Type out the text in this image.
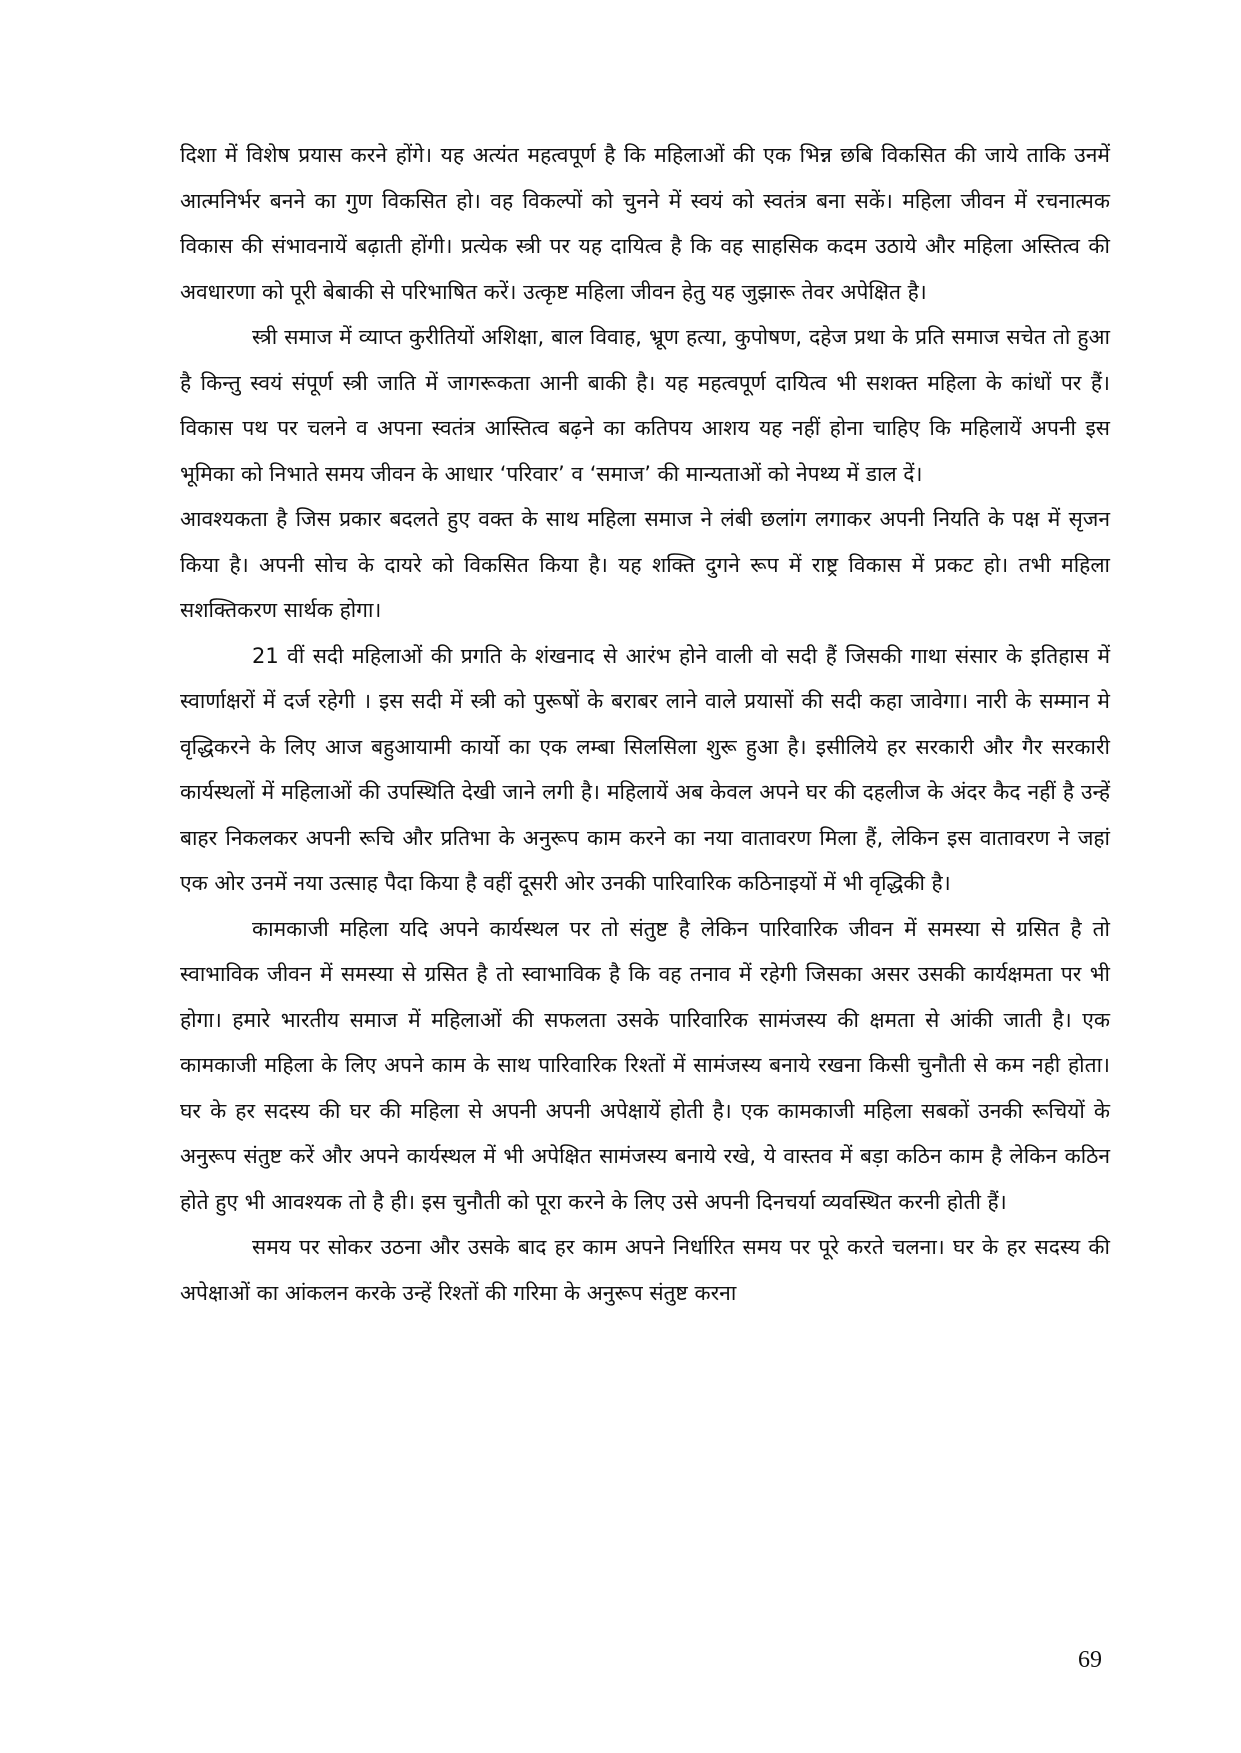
दिशा में विशेष प्रयास करने होंगे। यह अत्यंत महत्वपूर्ण है कि महिलाओं की एक भिन्न छबि विकसित की जाये ताकि उनमें आत्मनिर्भर बनने का गुण विकसित हो। वह विकल्पों को चुनने में स्वयं को स्वतंत्र बना सकें। महिला जीवन में रचनात्मक विकास की संभावनायें बढ़ाती होंगी। प्रत्येक स्त्री पर यह दायित्व है कि वह साहसिक कदम उठाये और महिला अस्तित्व की अवधारणा को पूरी बेबाकी से परिभाषित करें। उत्कृष्ट महिला जीवन हेतु यह जुझारू तेवर अपेक्षित है।

स्त्री समाज में व्याप्त कुरीतियों अशिक्षा, बाल विवाह, भ्रूण हत्या, कुपोषण, दहेज प्रथा के प्रति समाज सचेत तो हुआ है किन्तु स्वयं संपूर्ण स्त्री जाति में जागरूकता आनी बाकी है। यह महत्वपूर्ण दायित्व भी सशक्त महिला के कांधों पर हैं। विकास पथ पर चलने व अपना स्वतंत्र आस्तित्व बढ़ने का कतिपय आशय यह नहीं होना चाहिए कि महिलायें अपनी इस भूमिका को निभाते समय जीवन के आधार ‘परिवार’ व ‘समाज’ की मान्यताओं को नेपथ्य में डाल दें।

आवश्यकता है जिस प्रकार बदलते हुए वक्त के साथ महिला समाज ने लंबी छलांग लगाकर अपनी नियति के पक्ष में सृजन किया है। अपनी सोच के दायरे को विकसित किया है। यह शक्ति दुगने रूप में राष्ट्र विकास में प्रकट हो। तभी महिला सशक्तिकरण सार्थक होगा।

21 वीं सदी महिलाओं की प्रगति के शंखनाद से आरंभ होने वाली वो सदी हैं जिसकी गाथा संसार के इतिहास में स्वार्णाक्षरों में दर्ज रहेगी । इस सदी में स्त्री को पुरूषों के बराबर लाने वाले प्रयासों की सदी कहा जावेगा। नारी के सम्मान मे वृद्धिकरने के लिए आज बहुआयामी कार्यो का एक लम्बा सिलसिला शुरू हुआ है। इसीलिये हर सरकारी और गैर सरकारी कार्यस्थलों में महिलाओं की उपस्थिति देखी जाने लगी है। महिलायें अब केवल अपने घर की दहलीज के अंदर कैद नहीं है उन्हें बाहर निकलकर अपनी रूचि और प्रतिभा के अनुरूप काम करने का नया वातावरण मिला हैं, लेकिन इस वातावरण ने जहां एक ओर उनमें नया उत्साह पैदा किया है वहीं दूसरी ओर उनकी पारिवारिक कठिनाइयों में भी वृद्धिकी है।

कामकाजी महिला यदि अपने कार्यस्थल पर तो संतुष्ट है लेकिन पारिवारिक जीवन में समस्या से ग्रसित है तो स्वाभाविक जीवन में समस्या से ग्रसित है तो स्वाभाविक है कि वह तनाव में रहेगी जिसका असर उसकी कार्यक्षमता पर भी होगा। हमारे भारतीय समाज में महिलाओं की सफलता उसके पारिवारिक सामंजस्य की क्षमता से आंकी जाती है। एक कामकाजी महिला के लिए अपने काम के साथ पारिवारिक रिश्तों में सामंजस्य बनाये रखना किसी चुनौती से कम नही होता। घर के हर सदस्य की घर की महिला से अपनी अपनी अपेक्षायें होती है। एक कामकाजी महिला सबकों उनकी रूचियों के अनुरूप संतुष्ट करें और अपने कार्यस्थल में भी अपेक्षित सामंजस्य बनाये रखे, ये वास्तव में बड़ा कठिन काम है लेकिन कठिन होते हुए भी आवश्यक तो है ही। इस चुनौती को पूरा करने के लिए उसे अपनी दिनचर्या व्यवस्थित करनी होती हैं।

समय पर सोकर उठना और उसके बाद हर काम अपने निर्धारित समय पर पूरे करते चलना। घर के हर सदस्य की अपेक्षाओं का आंकलन करके उन्हें रिश्तों की गरिमा के अनुरूप संतुष्ट करना

69
